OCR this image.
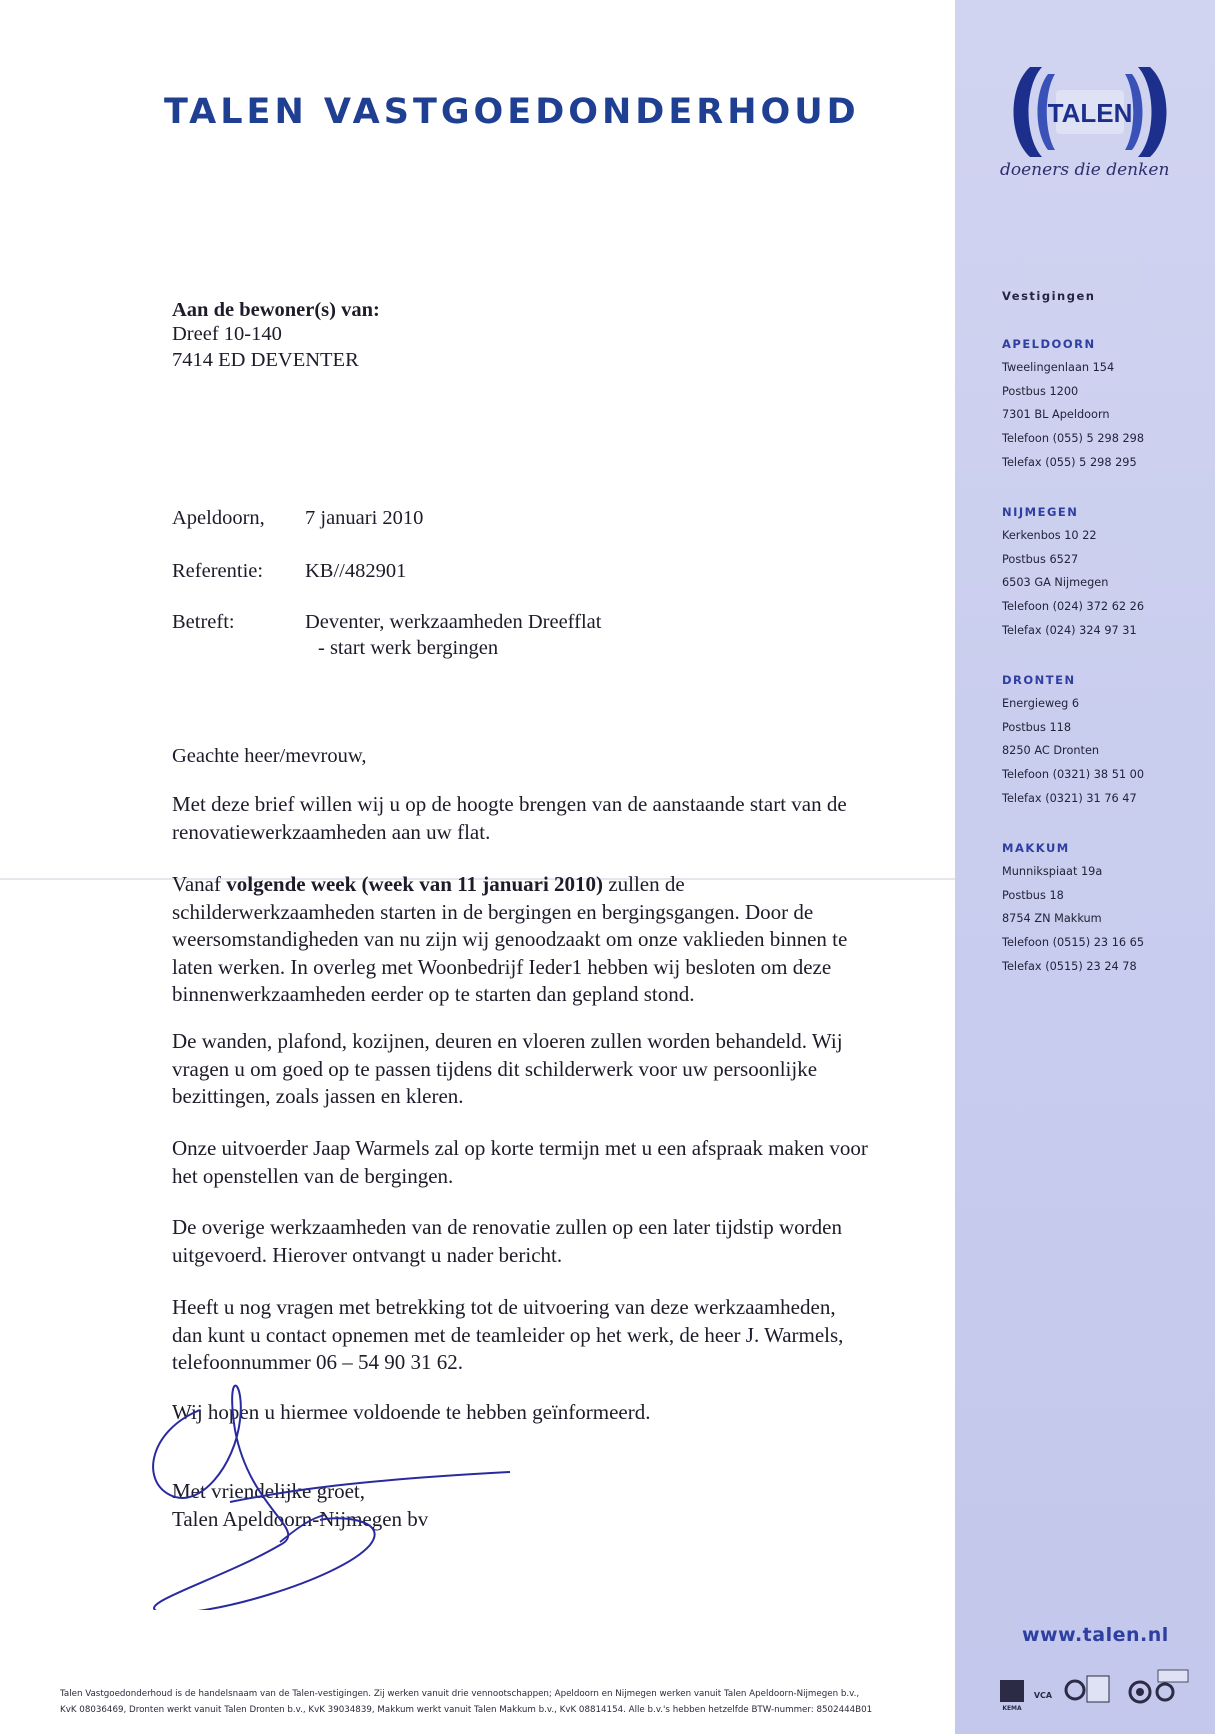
TALEN VASTGOEDONDERHOUD
Aan de bewoner(s) van:
Dreef 10-140
7414 ED DEVENTER
Apeldoorn, 7 januari 2010
Referentie: KB//482901
Betreft:	Deventer, werkzaamheden Dreefflat
- start werk bergingen
Geachte heer/mevrouw,
Met deze brief willen wij u op de hoogte brengen van de aanstaande start van de
renovatiewerkzaamheden aan uw flat.
Vanaf volgende week (week van 11 januari 2010) zullen de
schilderwerkzaamheden starten in de bergingen en bergingsgangen. Door de
weersomstandigheden van nu zijn wij genoodzaakt om onze vaklieden binnen te
laten werken. In overleg met Woonbedrijf Ieder1 hebben wij besloten om deze
binnenwerkzaamheden eerder op te starten dan gepland stond.
De wanden, plafond, kozijnen, deuren en vloeren zullen worden behandeld. Wij
vragen u om goed op te passen tijdens dit schilderwerk voor uw persoonlijke
bezittingen, zoals jassen en kleren.
Onze uitvoerder Jaap Warmels zal op korte termijn met u een afspraak maken voor
het openstellen van de bergingen.
De overige werkzaamheden van de renovatie zullen op een later tijdstip worden
uitgevoerd. Hierover ontvangt u nader bericht.
Heeft u nog vragen met betrekking tot de uitvoering van deze werkzaamheden,
dan kunt u contact opnemen met de teamleider op het werk, de heer J. Warmels,
telefoonnummer 06 – 54 90 31 62.
Wij hopen u hiermee voldoende te hebben geïnformeerd.
Met vriendelijke groet,
Talen Apeldoorn-Nijmegen bv
TALEN
doeners die denken
Vestigingen
APELDOORN
Tweelingenlaan 154
Postbus 1200
7301 BL Apeldoorn
Telefoon (055) 5 298 298
Telefax (055) 5 298 295
NIJMEGEN
Kerkenbos 10 22
Postbus 6527
6503 GA Nijmegen
Telefoon (024) 372 62 26
Telefax (024) 324 97 31
DRONTEN
Energieweg 6
Postbus 118
8250 AC Dronten
Telefoon (0321) 38 51 00
Telefax (0321) 31 76 47
MAKKUM
Munnikspiaat 19a
Postbus 18
8754 ZN Makkum
Telefoon (0515) 23 16 65
Telefax (0515) 23 24 78
www.talen.nl
KEMA
VCA
Talen Vastgoedonderhoud is de handelsnaam van de Talen-vestigingen. Zij werken vanuit drie vennootschappen; Apeldoorn en Nijmegen werken vanuit Talen Apeldoorn-Nijmegen b.v.,
KvK 08036469, Dronten werkt vanuit Talen Dronten b.v., KvK 39034839, Makkum werkt vanuit Talen Makkum b.v., KvK 08814154. Alle b.v.'s hebben hetzelfde BTW-nummer: 8502444B01
